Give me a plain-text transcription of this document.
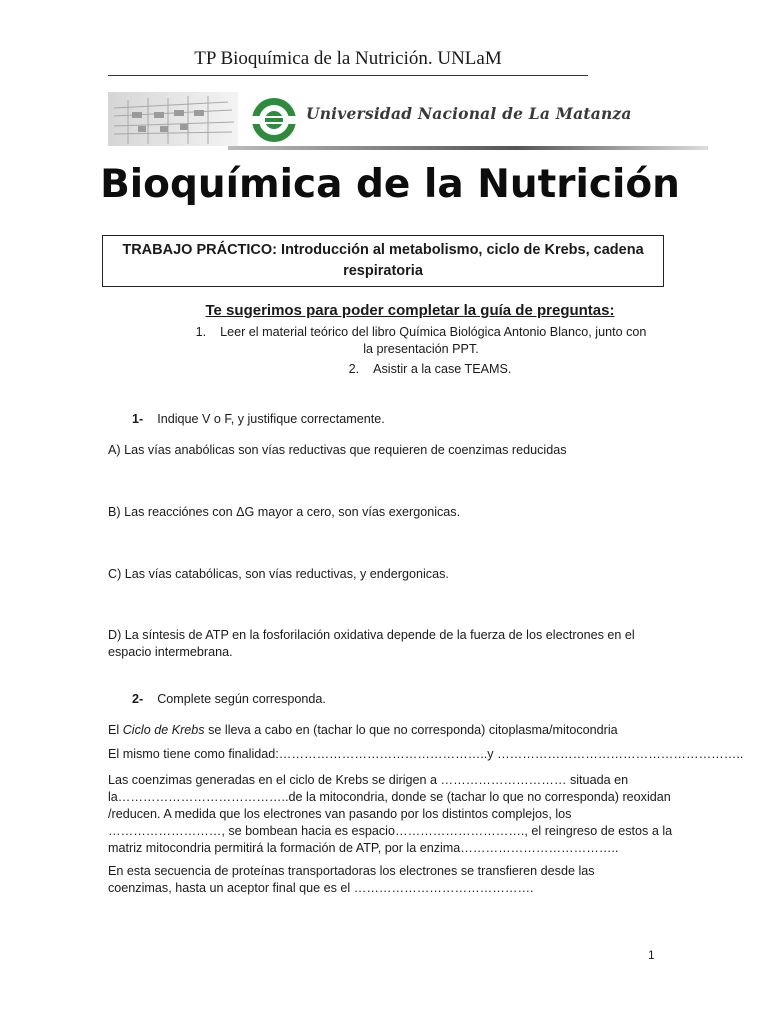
TP Bioquímica de la Nutrición. UNLaM
Universidad Nacional de La Matanza
Bioquímica de la Nutrición
TRABAJO PRÁCTICO: Introducción al metabolismo, ciclo de Krebs, cadena
respiratoria
Te sugerimos para poder completar la guía de preguntas:
1. Leer el material teórico del libro Química Biológica Antonio Blanco, junto con
la presentación PPT.
2. Asistir a la case TEAMS.
1- Indique V o F, y justifique correctamente.
A) Las vías anabólicas son vías reductivas que requieren de coenzimas reducidas
B) Las reacciónes con ΔG mayor a cero, son vías exergonicas.
C) Las vías catabólicas, son vías reductivas, y endergonicas.
D) La síntesis de ATP en la fosforilación oxidativa depende de la fuerza de los electrones en el
espacio intermebrana.
2- Complete según corresponda.
El Ciclo de Krebs se lleva a cabo en (tachar lo que no corresponda) citoplasma/mitocondria
El mismo tiene como finalidad:…………………………………………..y …………………………………………………..
Las coenzimas generadas en el ciclo de Krebs se dirigen a ………………………… situada en
la…………………………………..de la mitocondria, donde se (tachar lo que no corresponda) reoxidan
/reducen. A medida que los electrones van pasando por los distintos complejos, los
………………………, se bombean hacia es espacio…………………………., el reingreso de estos a la
matriz mitocondria permitirá la formación de ATP, por la enzima………………………………..
En esta secuencia de proteínas transportadoras los electrones se transfieren desde las
coenzimas, hasta un aceptor final que es el …………………………………….
1
